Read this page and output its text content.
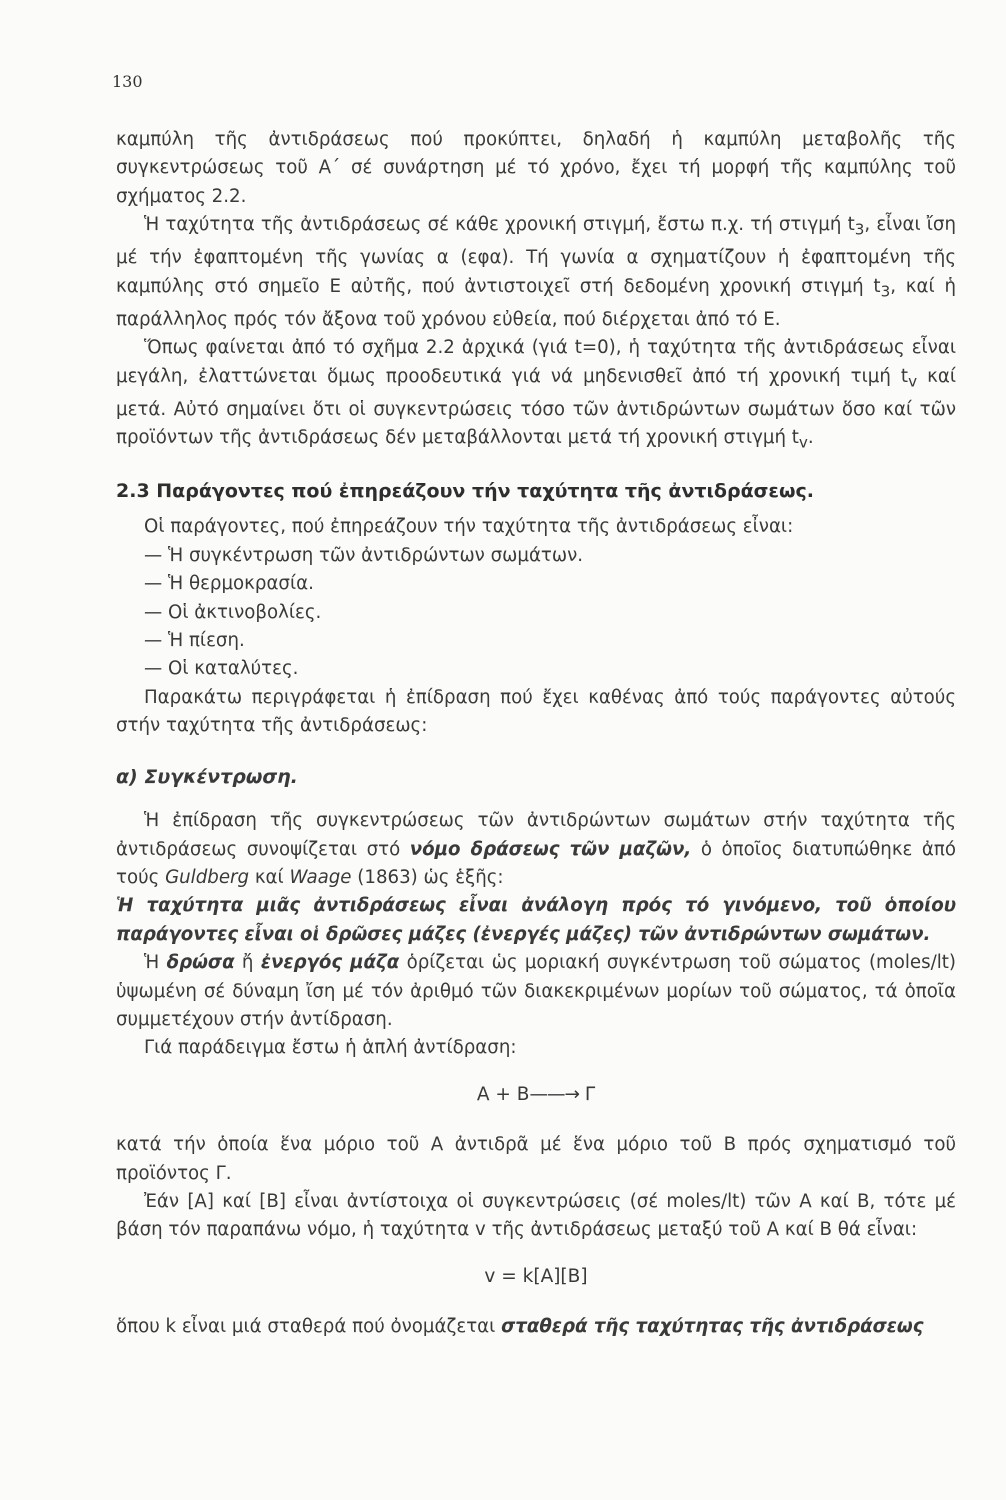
130

καμπύλη τῆς ἀντιδράσεως πού προκύπτει, δηλαδή ἡ καμπύλη μεταβολῆς τῆς συγκεντρώσεως τοῦ Α΄ σέ συνάρτηση μέ τό χρόνο, ἔχει τή μορφή τῆς καμπύλης τοῦ σχήματος 2.2.

Ἡ ταχύτητα τῆς ἀντιδράσεως σέ κάθε χρονική στιγμή, ἔστω π.χ. τή στιγμή $t_3$, εἶναι ἴση μέ τήν ἐφαπτομένη τῆς γωνίας α (εφα). Τή γωνία α σχηματίζουν ἡ ἐφαπτομένη τῆς καμπύλης στό σημεῖο Ε αὐτῆς, πού ἀντιστοιχεῖ στή δεδομένη χρονική στιγμή $t_3$, καί ἡ παράλληλος πρός τόν ἄξονα τοῦ χρόνου εὐθεία, πού διέρχεται ἀπό τό Ε.

Ὅπως φαίνεται ἀπό τό σχῆμα 2.2 ἀρχικά (γιά t=0), ἡ ταχύτητα τῆς ἀντιδράσεως εἶναι μεγάλη, ἐλαττώνεται ὅμως προοδευτικά γιά νά μηδενισθεῖ ἀπό τή χρονική τιμή $t_v$ καί μετά. Αὐτό σημαίνει ὅτι οἱ συγκεντρώσεις τόσο τῶν ἀντιδρώντων σωμάτων ὅσο καί τῶν προϊόντων τῆς ἀντιδράσεως δέν μεταβάλλονται μετά τή χρονική στιγμή $t_v$.

2.3 Παράγοντες πού ἐπηρεάζουν τήν ταχύτητα τῆς ἀντιδράσεως.

Οἱ παράγοντες, πού ἐπηρεάζουν τήν ταχύτητα τῆς ἀντιδράσεως εἶναι:

— Ἡ συγκέντρωση τῶν ἀντιδρώντων σωμάτων.
— Ἡ θερμοκρασία.
— Οἱ ἀκτινοβολίες.
— Ἡ πίεση.
— Οἱ καταλύτες.

Παρακάτω περιγράφεται ἡ ἐπίδραση πού ἔχει καθένας ἀπό τούς παράγοντες αὐτούς στήν ταχύτητα τῆς ἀντιδράσεως:

α) Συγκέντρωση.

Ἡ ἐπίδραση τῆς συγκεντρώσεως τῶν ἀντιδρώντων σωμάτων στήν ταχύτητα τῆς ἀντιδράσεως συνοψίζεται στό νόμο δράσεως τῶν μαζῶν, ὁ ὁποῖος διατυπώθηκε ἀπό τούς Guldberg καί Waage (1863) ὡς ἑξῆς:

Ἡ ταχύτητα μιᾶς ἀντιδράσεως εἶναι ἀνάλογη πρός τό γινόμενο, τοῦ ὁποίου παράγοντες εἶναι οἱ δρῶσες μάζες (ἐνεργές μάζες) τῶν ἀντιδρώντων σωμάτων.

Ἡ δρώσα ἤ ἐνεργός μάζα ὁρίζεται ὡς μοριακή συγκέντρωση τοῦ σώματος (moles/lt) ὑψωμένη σέ δύναμη ἴση μέ τόν ἀριθμό τῶν διακεκριμένων μορίων τοῦ σώματος, τά ὁποῖα συμμετέχουν στήν ἀντίδραση.

Γιά παράδειγμα ἔστω ἡ ἁπλή ἀντίδραση:

Α + Β——→ Γ

κατά τήν ὁποία ἕνα μόριο τοῦ Α ἀντιδρᾶ μέ ἕνα μόριο τοῦ Β πρός σχηματισμό τοῦ προϊόντος Γ.

Ἐάν [Α] καί [Β] εἶναι ἀντίστοιχα οἱ συγκεντρώσεις (σέ moles/lt) τῶν Α καί Β, τότε μέ βάση τόν παραπάνω νόμο, ἡ ταχύτητα v τῆς ἀντιδράσεως μεταξύ τοῦ Α καί Β θά εἶναι:

v = k[A][B]

ὅπου k εἶναι μιά σταθερά πού ὀνομάζεται σταθερά τῆς ταχύτητας τῆς ἀντιδράσεως
